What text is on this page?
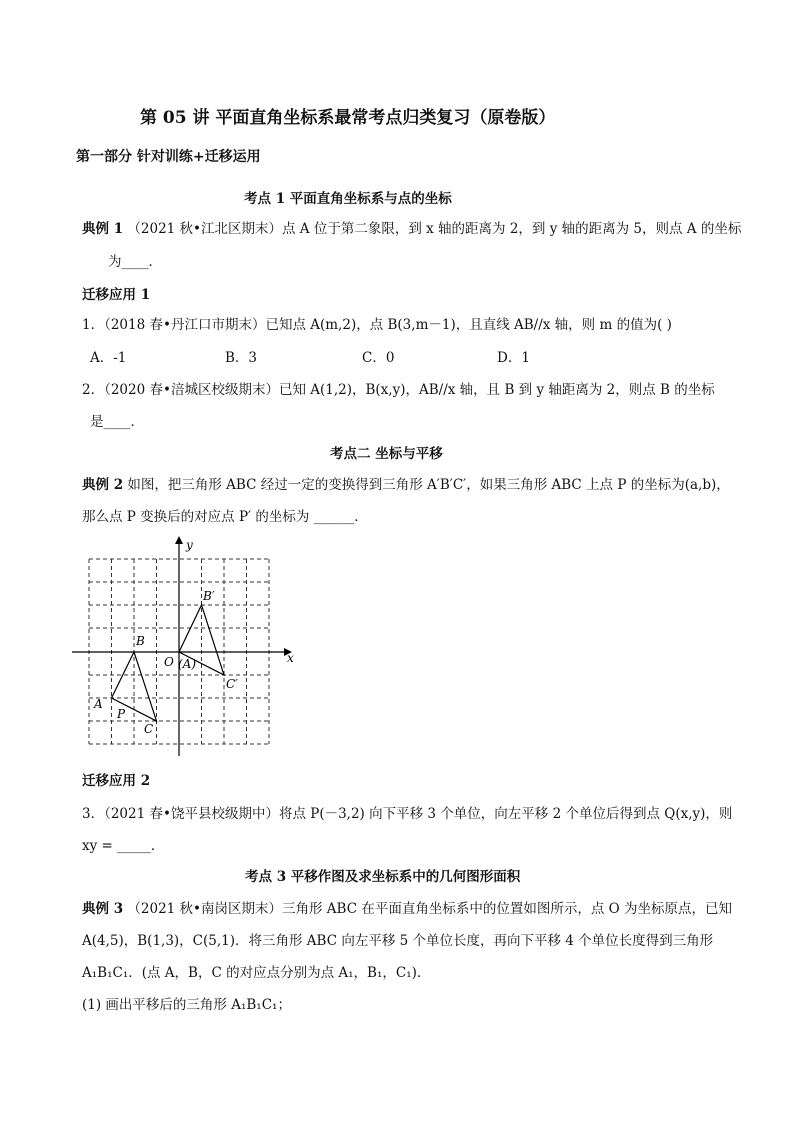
第 05 讲 平面直角坐标系最常考点归类复习（原卷版）
第一部分 针对训练+迁移运用
考点 1 平面直角坐标系与点的坐标
典例 1 （2021 秋•江北区期末）点 A 位于第二象限，到 x 轴的距离为 2，到 y 轴的距离为 5，则点 A 的坐标
为____．
迁移应用 1
1．（2018 春•丹江口市期末）已知点 A(m,2)，点 B(3,m－1)，且直线 AB//x 轴，则 m 的值为( )
A．-1	B．3	C．0	D．1
2．（2020 春•涪城区校级期末）已知 A(1,2)，B(x,y)，AB//x 轴，且 B 到 y 轴距离为 2，则点 B 的坐标
是____．
考点二 坐标与平移
典例 2 如图，把三角形 ABC 经过一定的变换得到三角形 A′B′C′，如果三角形 ABC 上点 P 的坐标为(a,b)，
那么点 P 变换后的对应点 P′ 的坐标为 ______．
y
x
O (A)
B′
C′
B
A
P
C
迁移应用 2
3．（2021 春•饶平县校级期中）将点 P(－3,2) 向下平移 3 个单位，向左平移 2 个单位后得到点 Q(x,y)，则
xy = _____．
考点 3 平移作图及求坐标系中的几何图形面积
典例 3 （2021 秋•南岗区期末）三角形 ABC 在平面直角坐标系中的位置如图所示，点 O 为坐标原点，已知
A(4,5)，B(1,3)，C(5,1)．将三角形 ABC 向左平移 5 个单位长度，再向下平移 4 个单位长度得到三角形
A₁B₁C₁．(点 A，B，C 的对应点分别为点 A₁，B₁，C₁)．
(1) 画出平移后的三角形 A₁B₁C₁；
